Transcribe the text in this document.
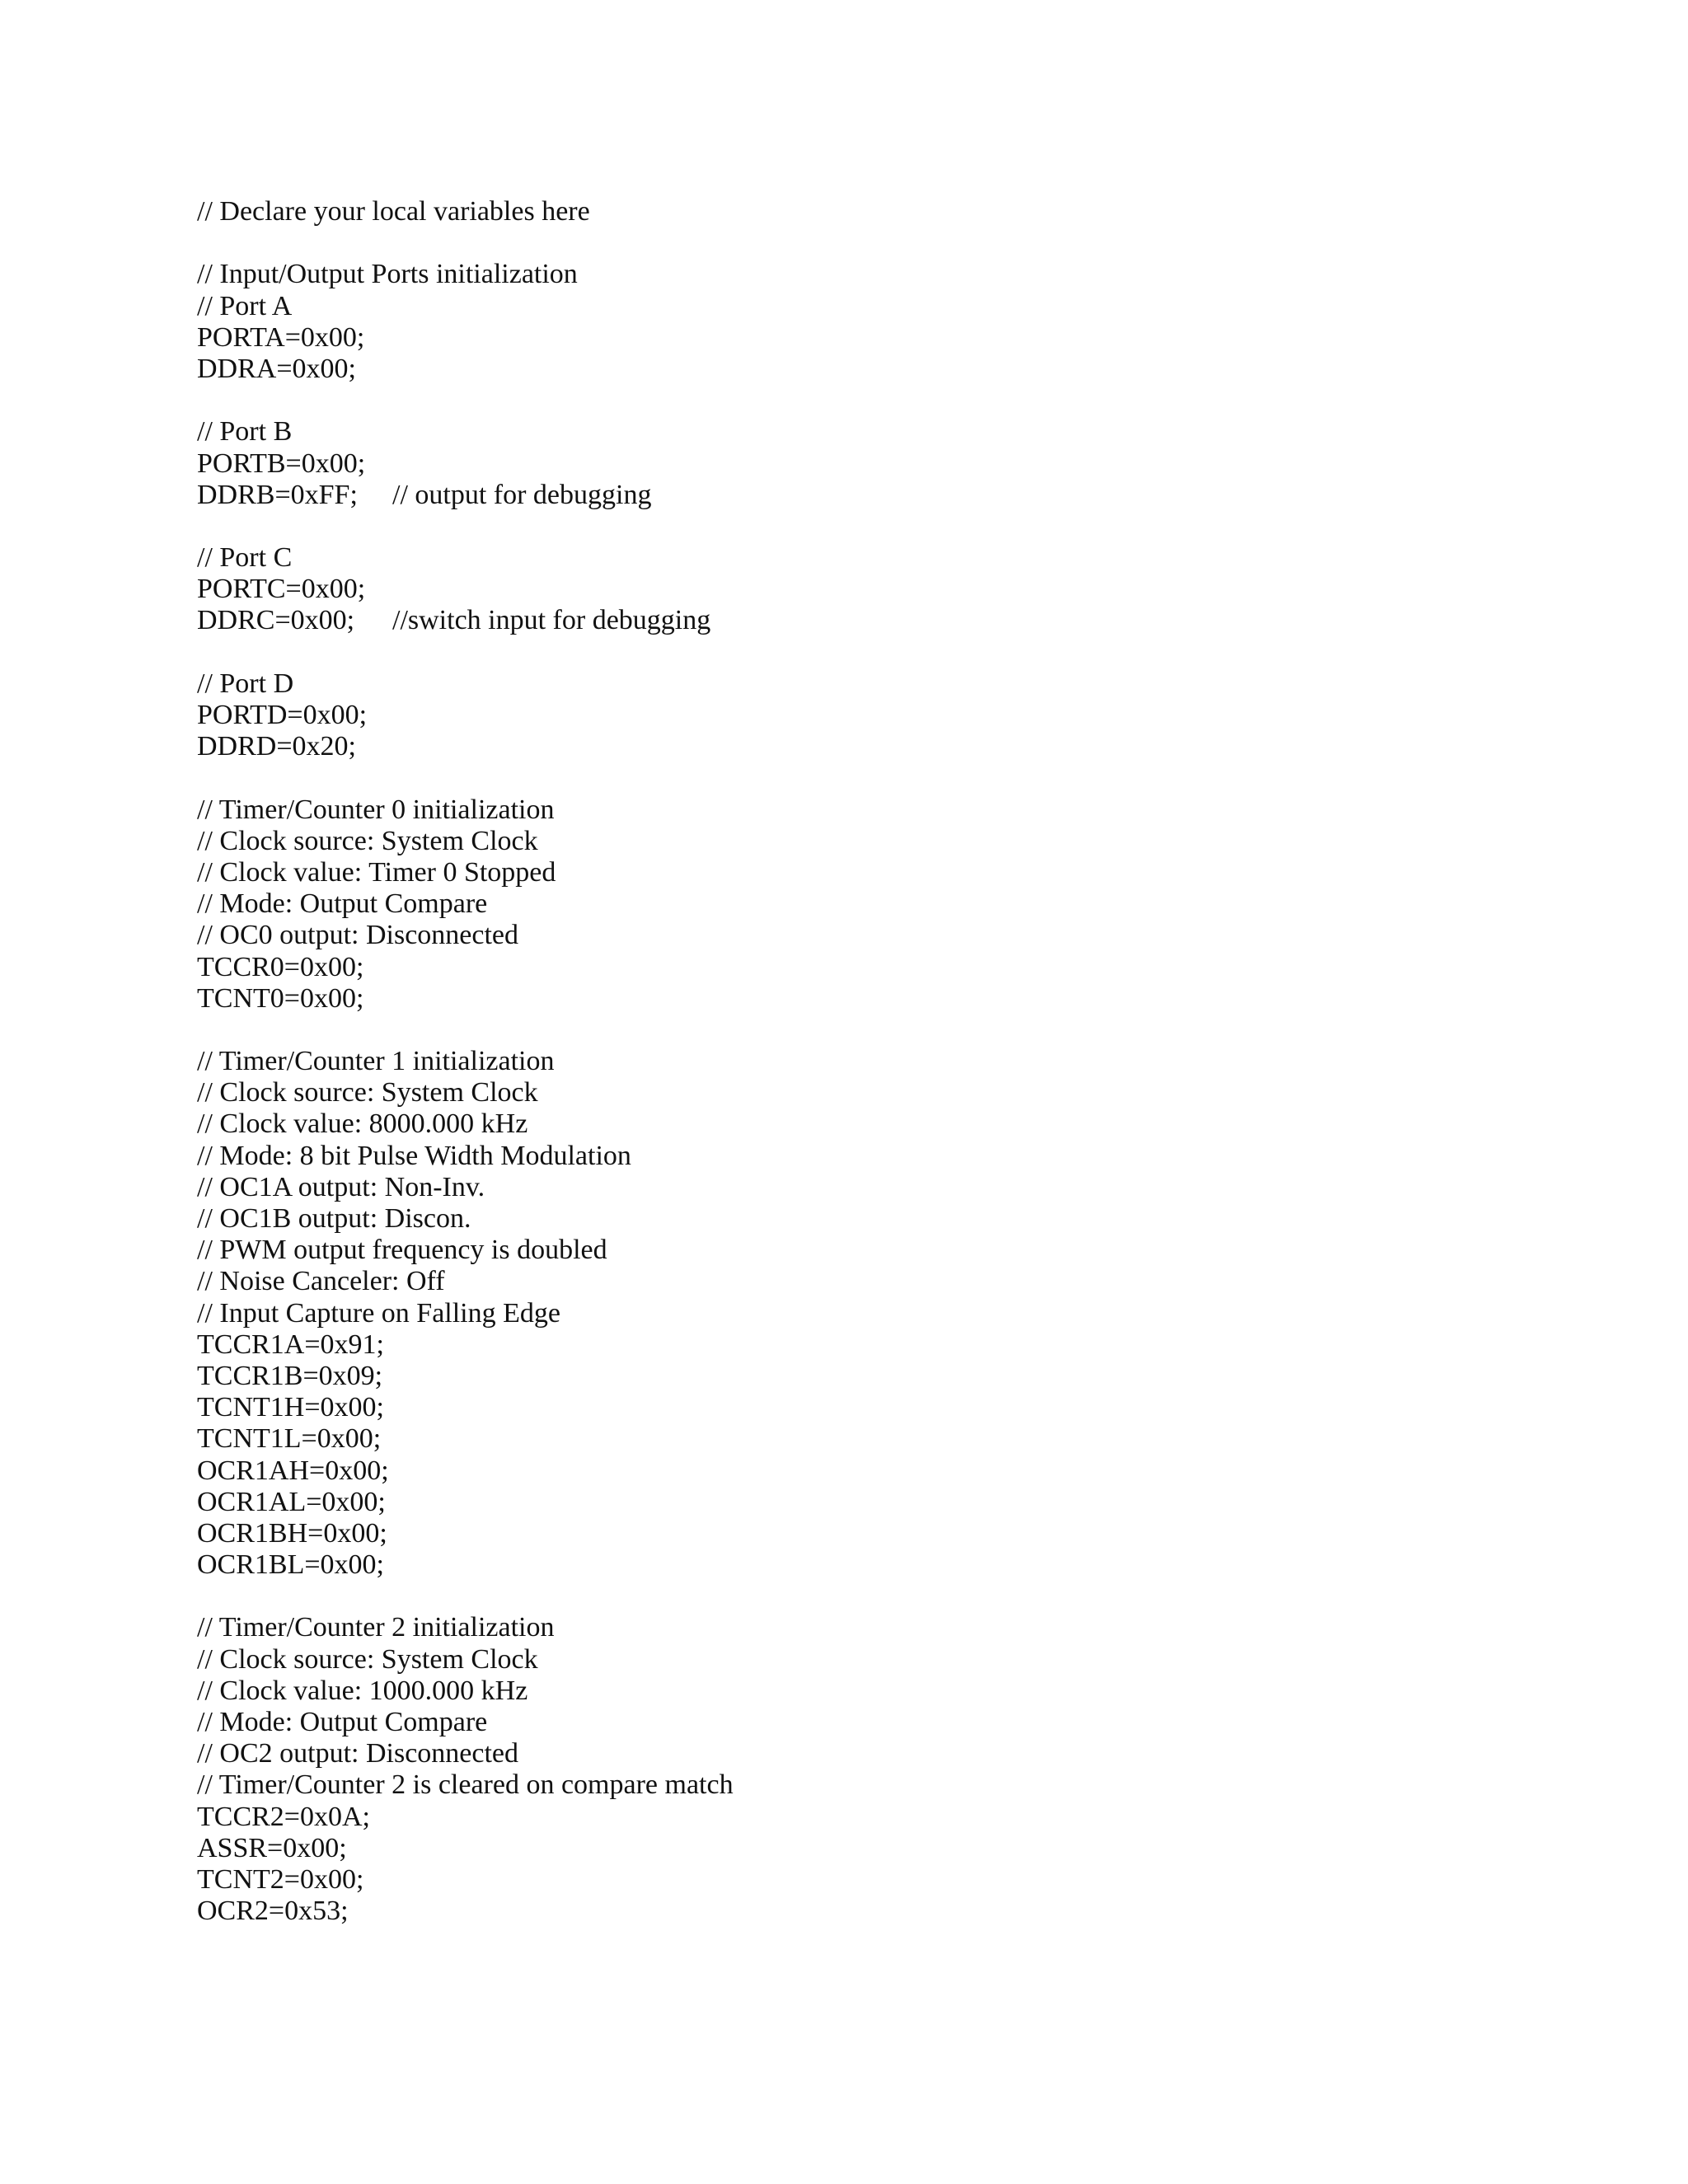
// Declare your local variables here
// Input/Output Ports initialization
// Port A
PORTA=0x00;
DDRA=0x00;
// Port B
PORTB=0x00;
DDRB=0xFF; // output for debugging
// Port C
PORTC=0x00;
DDRC=0x00; //switch input for debugging
// Port D
PORTD=0x00;
DDRD=0x20;
// Timer/Counter 0 initialization
// Clock source: System Clock
// Clock value: Timer 0 Stopped
// Mode: Output Compare
// OC0 output: Disconnected
TCCR0=0x00;
TCNT0=0x00;
// Timer/Counter 1 initialization
// Clock source: System Clock
// Clock value: 8000.000 kHz
// Mode: 8 bit Pulse Width Modulation
// OC1A output: Non-Inv.
// OC1B output: Discon.
// PWM output frequency is doubled
// Noise Canceler: Off
// Input Capture on Falling Edge
TCCR1A=0x91;
TCCR1B=0x09;
TCNT1H=0x00;
TCNT1L=0x00;
OCR1AH=0x00;
OCR1AL=0x00;
OCR1BH=0x00;
OCR1BL=0x00;
// Timer/Counter 2 initialization
// Clock source: System Clock
// Clock value: 1000.000 kHz
// Mode: Output Compare
// OC2 output: Disconnected
// Timer/Counter 2 is cleared on compare match
TCCR2=0x0A;
ASSR=0x00;
TCNT2=0x00;
OCR2=0x53;
